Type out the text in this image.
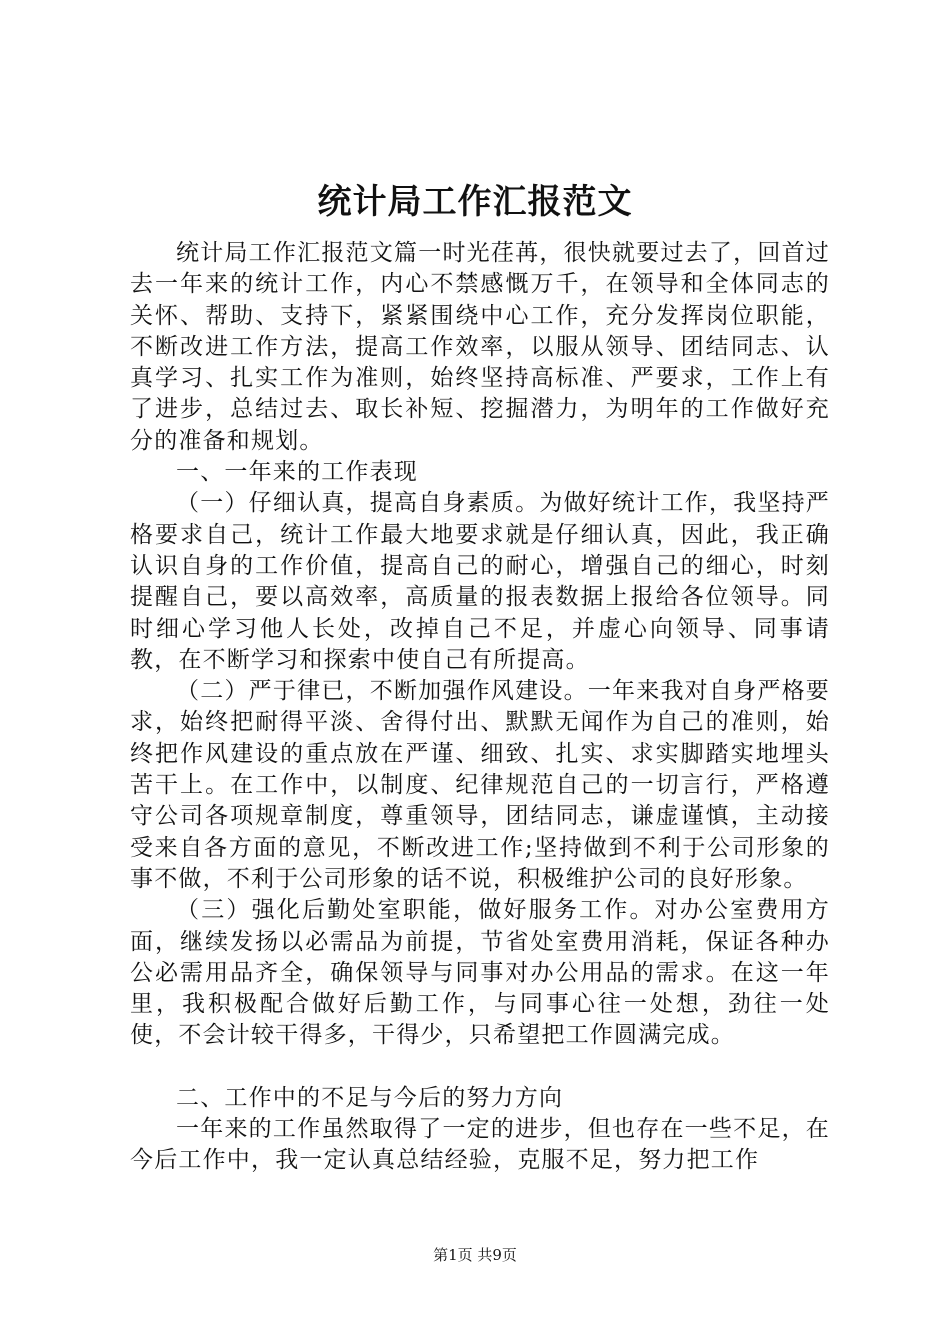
统计局工作汇报范文

统计局工作汇报范文篇一时光荏苒，很快就要过去了，回首过去一年来的统计工作，内心不禁感慨万千，在领导和全体同志的关怀、帮助、支持下，紧紧围绕中心工作，充分发挥岗位职能，不断改进工作方法，提高工作效率，以服从领导、团结同志、认真学习、扎实工作为准则，始终坚持高标准、严要求，工作上有了进步，总结过去、取长补短、挖掘潜力，为明年的工作做好充分的准备和规划。

一、一年来的工作表现

（一）仔细认真，提高自身素质。为做好统计工作，我坚持严格要求自己，统计工作最大地要求就是仔细认真，因此，我正确认识自身的工作价值，提高自己的耐心，增强自己的细心，时刻提醒自己，要以高效率，高质量的报表数据上报给各位领导。同时细心学习他人长处，改掉自己不足，并虚心向领导、同事请教，在不断学习和探索中使自己有所提高。

（二）严于律已，不断加强作风建设。一年来我对自身严格要求，始终把耐得平淡、舍得付出、默默无闻作为自己的准则，始终把作风建设的重点放在严谨、细致、扎实、求实脚踏实地埋头苦干上。在工作中，以制度、纪律规范自己的一切言行，严格遵守公司各项规章制度，尊重领导，团结同志，谦虚谨慎，主动接受来自各方面的意见，不断改进工作;坚持做到不利于公司形象的事不做，不利于公司形象的话不说，积极维护公司的良好形象。

（三）强化后勤处室职能，做好服务工作。对办公室费用方面，继续发扬以必需品为前提，节省处室费用消耗，保证各种办公必需用品齐全，确保领导与同事对办公用品的需求。在这一年里，我积极配合做好后勤工作，与同事心往一处想，劲往一处使，不会计较干得多，干得少，只希望把工作圆满完成。

二、工作中的不足与今后的努力方向

一年来的工作虽然取得了一定的进步，但也存在一些不足，在今后工作中，我一定认真总结经验，克服不足，努力把工作

第1页 共9页
